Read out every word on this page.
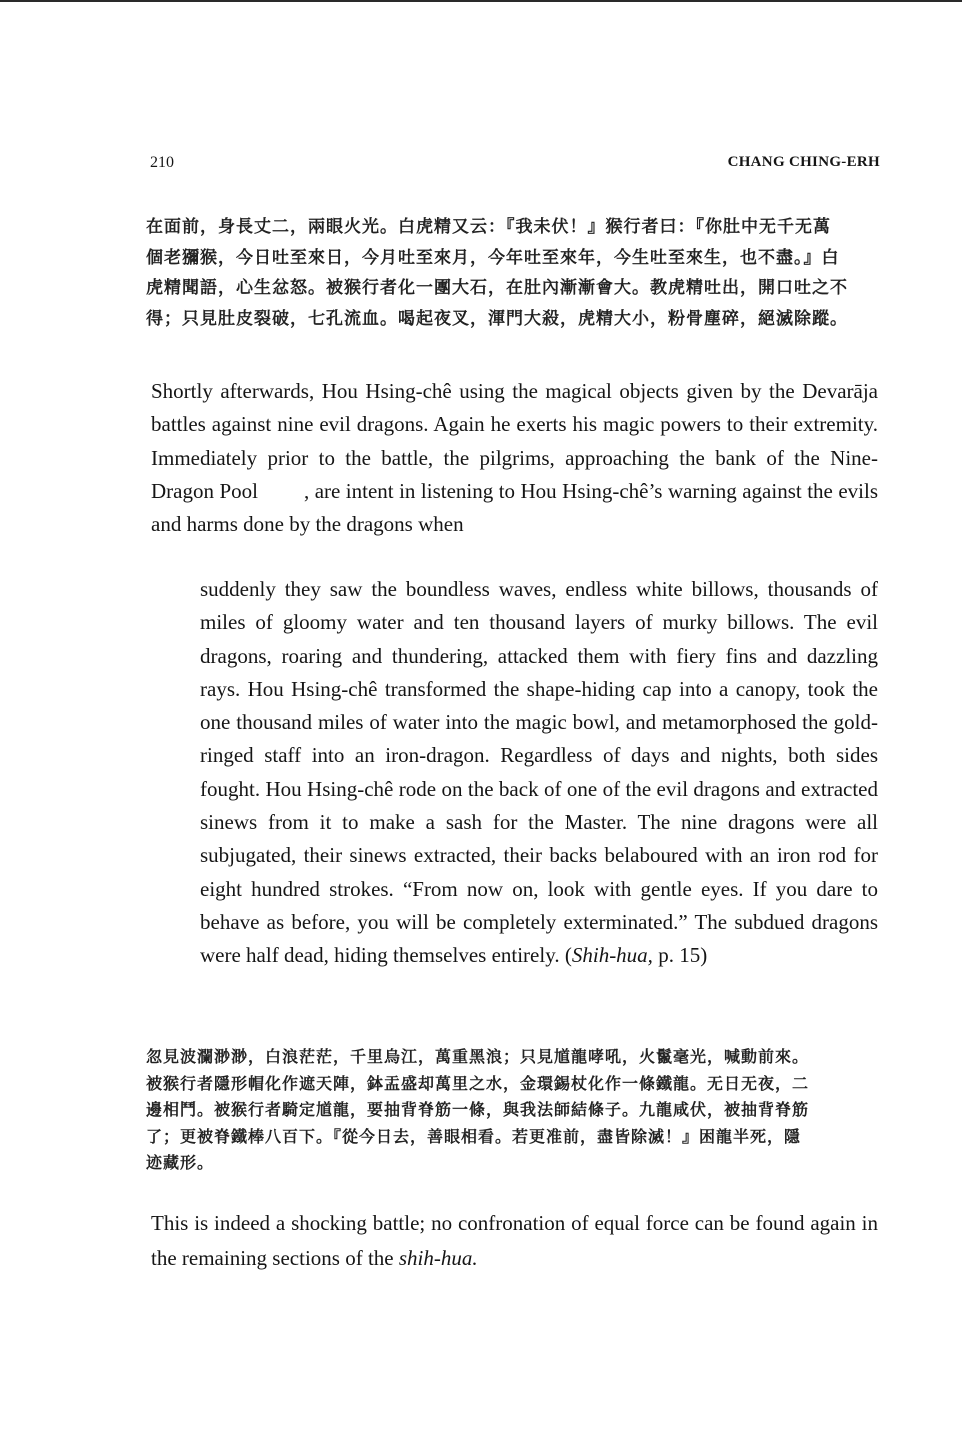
210	CHANG CHING-ERH

在面前，身長丈二，兩眼火光。白虎精又云：『我未伏！』猴行者曰：『你肚中无千无萬
個老獼猴，今日吐至來日，今月吐至來月，今年吐至來年，今生吐至來生，也不盡。』白
虎精聞語，心生忿怒。被猴行者化一團大石，在肚內漸漸會大。教虎精吐出，開口吐之不
得；只見肚皮裂破，七孔流血。喝起夜叉，渾門大殺，虎精大小，粉骨塵碎，絕滅除蹤。

Shortly afterwards, Hou Hsing-chê using the magical objects given by the Devarāja battles against nine evil dragons. Again he exerts his magic powers to their extremity. Immediately prior to the battle, the pilgrims, approaching the bank of the Nine-Dragon Pool , are intent in listening to Hou Hsing-chê’s warning against the evils and harms done by the dragons when

suddenly they saw the boundless waves, endless white billows, thousands of miles of gloomy water and ten thousand layers of murky billows. The evil dragons, roaring and thundering, attacked them with fiery fins and dazzling rays. Hou Hsing-chê transformed the shape-hiding cap into a canopy, took the one thousand miles of water into the magic bowl, and metamorphosed the gold-ringed staff into an iron-dragon. Regardless of days and nights, both sides fought. Hou Hsing-chê rode on the back of one of the evil dragons and extracted sinews from it to make a sash for the Master. The nine dragons were all subjugated, their sinews extracted, their backs belaboured with an iron rod for eight hundred strokes. “From now on, look with gentle eyes. If you dare to behave as before, you will be completely exterminated.” The subdued dragons were half dead, hiding themselves entirely. (Shih-hua, p. 15)

忽見波瀾渺渺，白浪茫茫，千里烏江，萬重黑浪；只見馗龍哮吼，火鬣毫光，喊動前來。
被猴行者隱形帽化作遮天陣，鉢盂盛却萬里之水，金環錫杖化作一條鐵龍。无日无夜，二
邊相鬥。被猴行者騎定馗龍，要抽背脊筋一條，與我法師結條子。九龍咸伏，被抽背脊筋
了；更被脊鐵棒八百下。『從今日去，善眼相看。若更准前，盡皆除滅！』困龍半死，隱
迹藏形。

This is indeed a shocking battle; no confronation of equal force can be found again in the remaining sections of the shih-hua.
